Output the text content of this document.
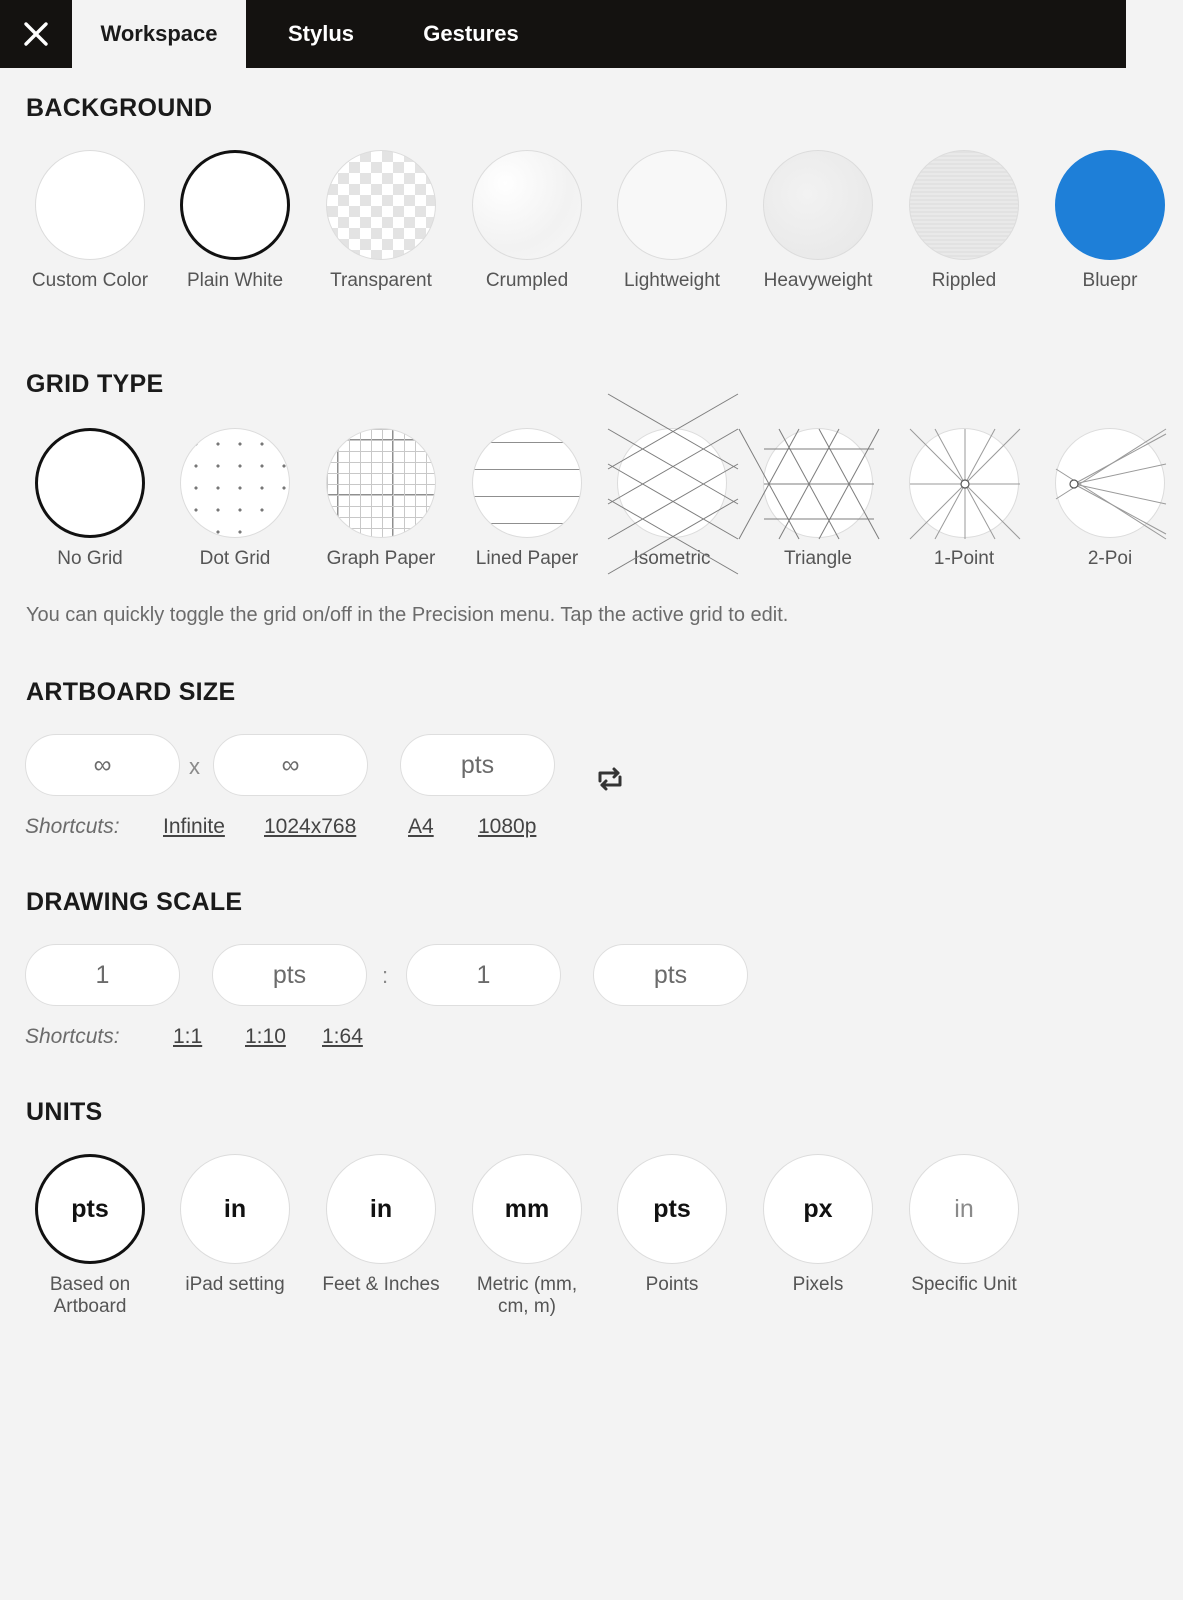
Workspace	Stylus	Gestures
BACKGROUND
Custom Color	Plain White	Transparent	Crumpled	Lightweight	Heavyweight	Rippled	Bluepr
GRID TYPE
No Grid	Dot Grid	Graph Paper	Lined Paper	Isometric	Triangle	1-Point	2-Poi
You can quickly toggle the grid on/off in the Precision menu. Tap the active grid to edit.
ARTBOARD SIZE
∞	x	∞	pts
Shortcuts: Infinite 1024x768 A4 1080p
DRAWING SCALE
1	pts	:	1	pts
Shortcuts:	1:1 1:10 1:64
UNITS
pts
Based on Artboard
in
iPad setting
in
Feet & Inches
mm
Metric (mm, cm, m)
pts
Points
px
Pixels
in
Specific Unit
